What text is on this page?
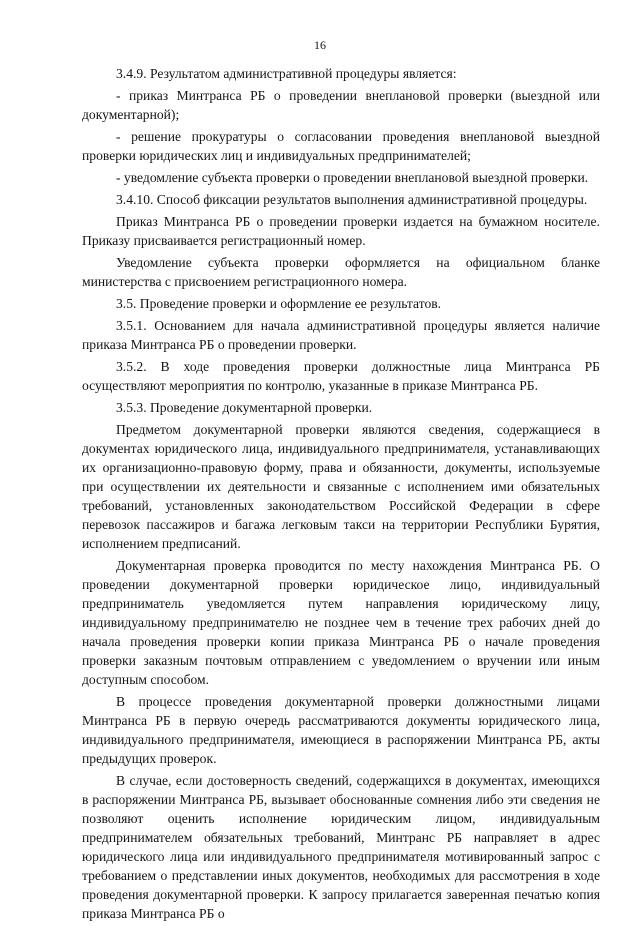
16

3.4.9. Результатом административной процедуры является:

- приказ Минтранса РБ о проведении внеплановой проверки (выездной или документарной);

- решение прокуратуры о согласовании проведения внеплановой выездной проверки юридических лиц и индивидуальных предпринимателей;

- уведомление субъекта проверки о проведении внеплановой выездной проверки.

3.4.10. Способ фиксации результатов выполнения административной процедуры.

Приказ Минтранса РБ о проведении проверки издается на бумажном носителе. Приказу присваивается регистрационный номер.

Уведомление субъекта проверки оформляется на официальном бланке министерства с присвоением регистрационного номера.

3.5. Проведение проверки и оформление ее результатов.

3.5.1. Основанием для начала административной процедуры является наличие приказа Минтранса РБ о проведении проверки.

3.5.2. В ходе проведения проверки должностные лица Минтранса РБ осуществляют мероприятия по контролю, указанные в приказе Минтранса РБ.

3.5.3. Проведение документарной проверки.

Предметом документарной проверки являются сведения, содержащиеся в документах юридического лица, индивидуального предпринимателя, устанавливающих их организационно-правовую форму, права и обязанности, документы, используемые при осуществлении их деятельности и связанные с исполнением ими обязательных требований, установленных законодательством Российской Федерации в сфере перевозок пассажиров и багажа легковым такси на территории Республики Бурятия, исполнением предписаний.

Документарная проверка проводится по месту нахождения Минтранса РБ. О проведении документарной проверки юридическое лицо, индивидуальный предприниматель уведомляется путем направления юридическому лицу, индивидуальному предпринимателю не позднее чем в течение трех рабочих дней до начала проведения проверки копии приказа Минтранса РБ о начале проведения проверки заказным почтовым отправлением с уведомлением о вручении или иным доступным способом.

В процессе проведения документарной проверки должностными лицами Минтранса РБ в первую очередь рассматриваются документы юридического лица, индивидуального предпринимателя, имеющиеся в распоряжении Минтранса РБ, акты предыдущих проверок.

В случае, если достоверность сведений, содержащихся в документах, имеющихся в распоряжении Минтранса РБ, вызывает обоснованные сомнения либо эти сведения не позволяют оценить исполнение юридическим лицом, индивидуальным предпринимателем обязательных требований, Минтранс РБ направляет в адрес юридического лица или индивидуального предпринимателя мотивированный запрос с требованием о представлении иных документов, необходимых для рассмотрения в ходе проведения документарной проверки. К запросу прилагается заверенная печатью копия приказа Минтранса РБ о
